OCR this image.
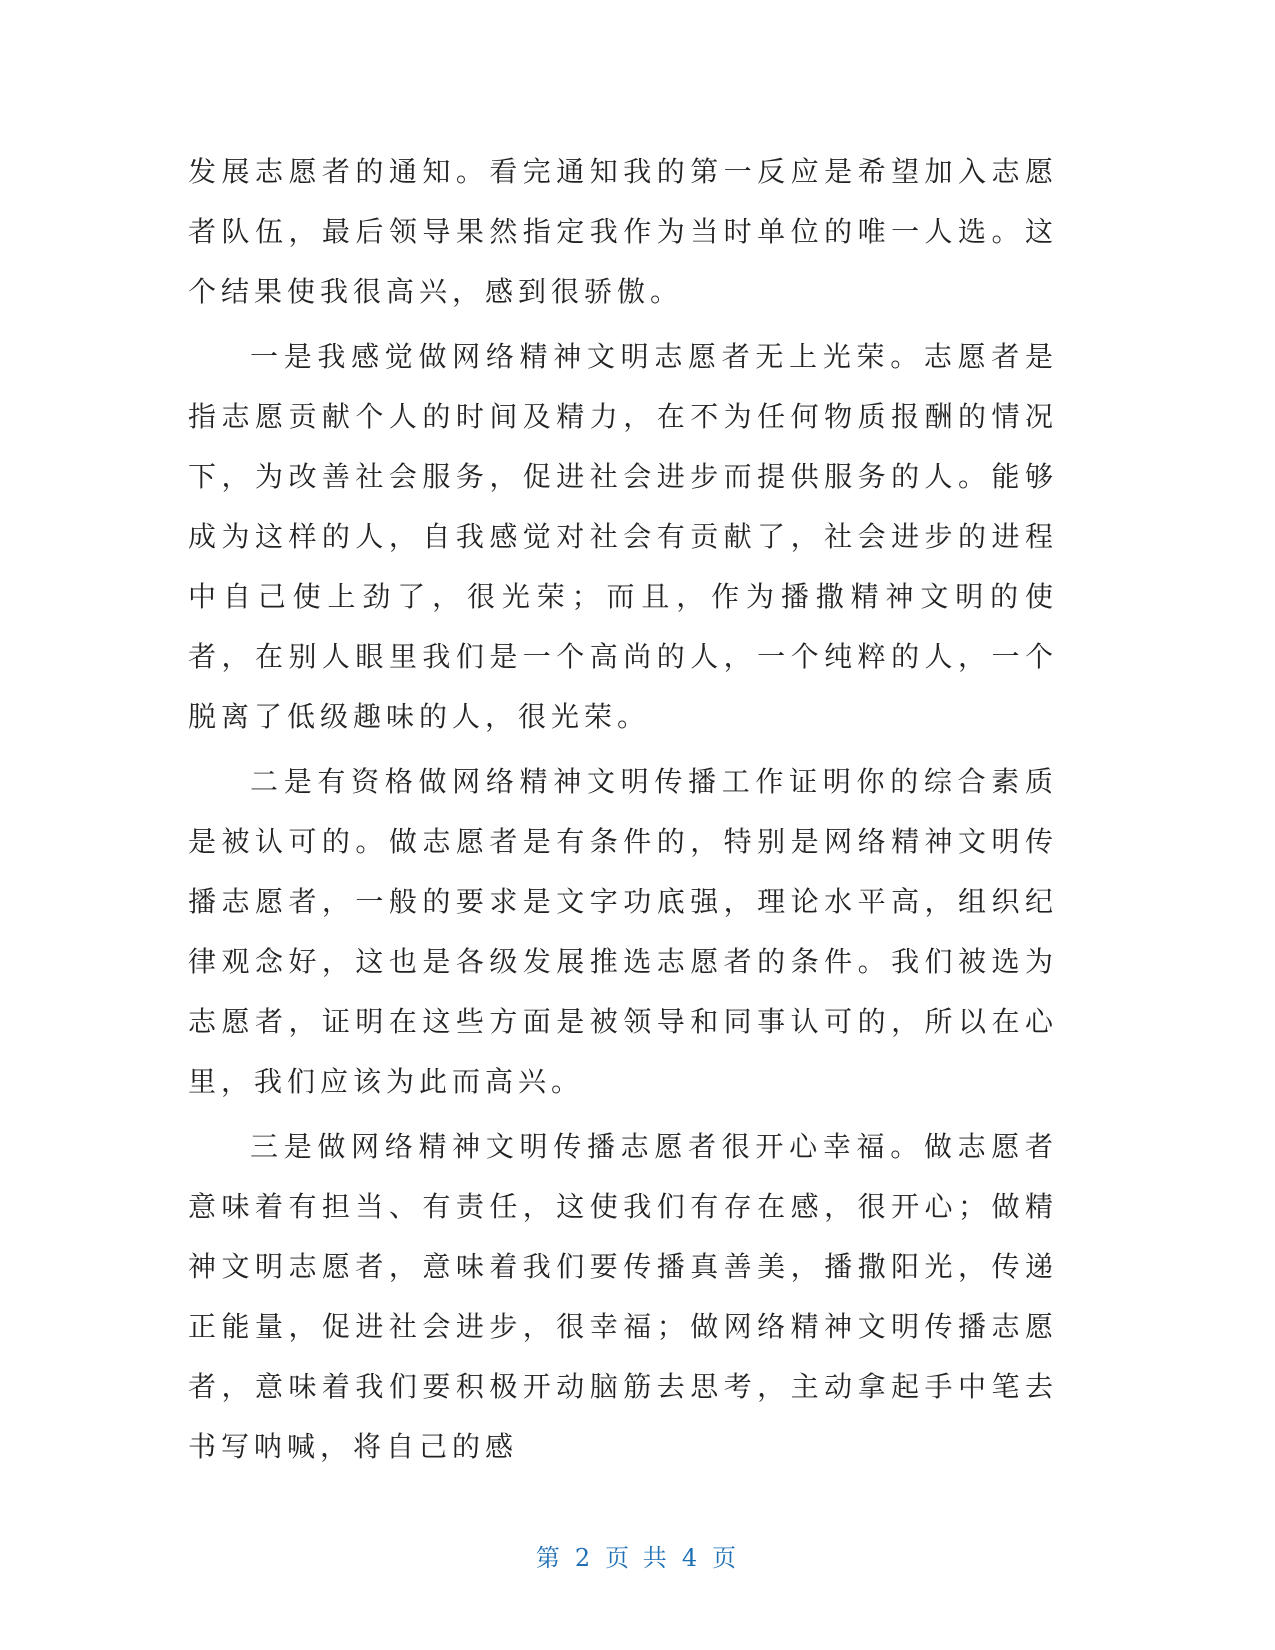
发展志愿者的通知。看完通知我的第一反应是希望加入志愿者队伍，最后领导果然指定我作为当时单位的唯一人选。这个结果使我很高兴，感到很骄傲。

一是我感觉做网络精神文明志愿者无上光荣。志愿者是指志愿贡献个人的时间及精力，在不为任何物质报酬的情况下，为改善社会服务，促进社会进步而提供服务的人。能够成为这样的人，自我感觉对社会有贡献了，社会进步的进程中自己使上劲了，很光荣；而且，作为播撒精神文明的使者，在别人眼里我们是一个高尚的人，一个纯粹的人，一个脱离了低级趣味的人，很光荣。

二是有资格做网络精神文明传播工作证明你的综合素质是被认可的。做志愿者是有条件的，特别是网络精神文明传播志愿者，一般的要求是文字功底强，理论水平高，组织纪律观念好，这也是各级发展推选志愿者的条件。我们被选为志愿者，证明在这些方面是被领导和同事认可的，所以在心里，我们应该为此而高兴。

三是做网络精神文明传播志愿者很开心幸福。做志愿者意味着有担当、有责任，这使我们有存在感，很开心；做精神文明志愿者，意味着我们要传播真善美，播撒阳光，传递正能量，促进社会进步，很幸福；做网络精神文明传播志愿者，意味着我们要积极开动脑筋去思考，主动拿起手中笔去书写呐喊，将自己的感

第 2 页 共 4 页
